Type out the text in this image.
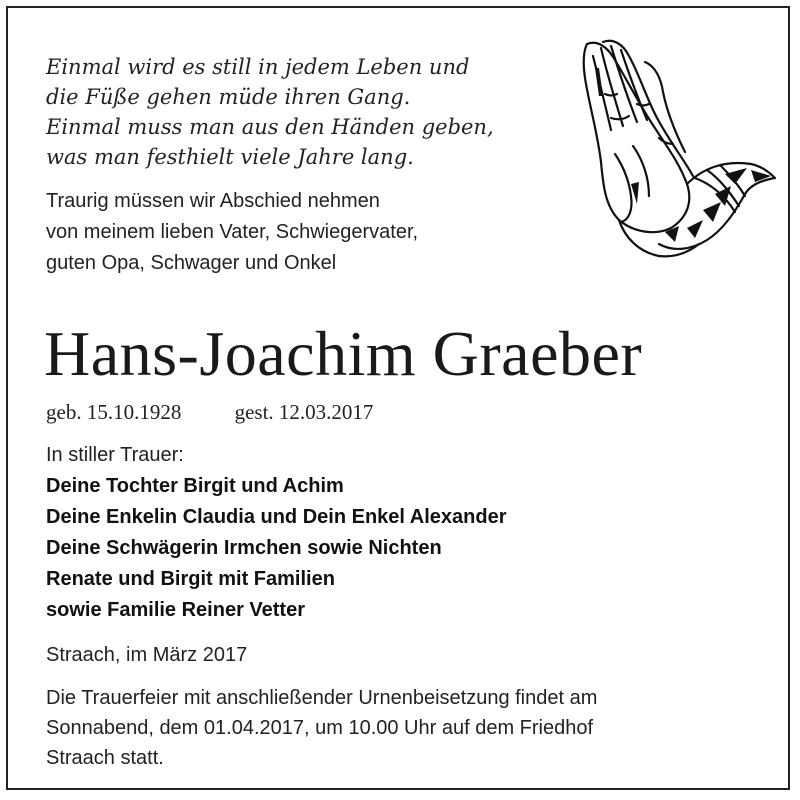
Einmal wird es still in jedem Leben und
die Füße gehen müde ihren Gang.
Einmal muss man aus den Händen geben,
was man festhielt viele Jahre lang.
Traurig müssen wir Abschied nehmen
von meinem lieben Vater, Schwiegervater,
guten Opa, Schwager und Onkel
Hans-Joachim Graeber
geb. 15.10.1928	gest. 12.03.2017
In stiller Trauer:
Deine Tochter Birgit und Achim
Deine Enkelin Claudia und Dein Enkel Alexander
Deine Schwägerin Irmchen sowie Nichten
Renate und Birgit mit Familien
sowie Familie Reiner Vetter
Straach, im März 2017
Die Trauerfeier mit anschließender Urnenbeisetzung findet am
Sonnabend, dem 01.04.2017, um 10.00 Uhr auf dem Friedhof
Straach statt.
